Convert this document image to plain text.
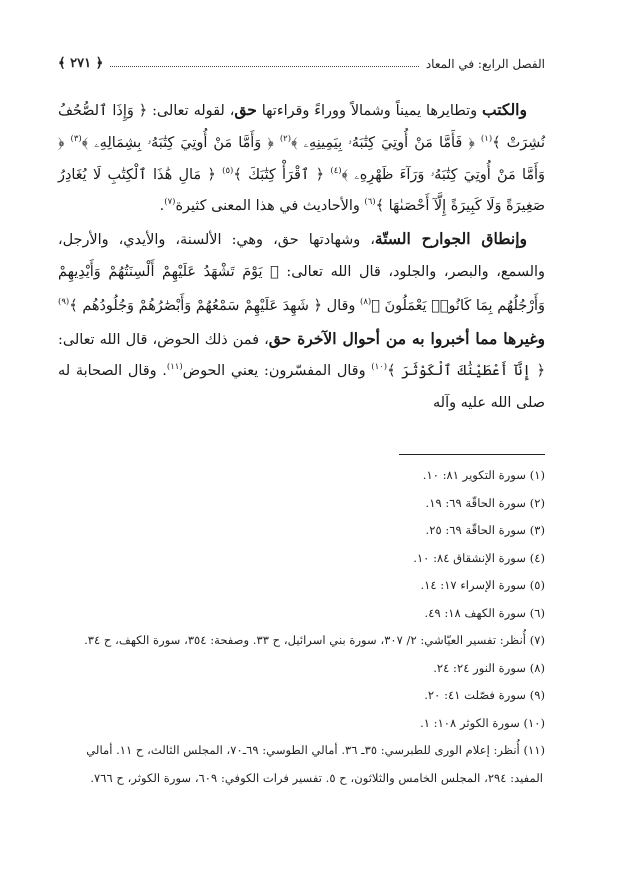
الفصل الرابع: في المعاد
﴿ ٢٧١ ﴾

والكتب وتطايرها يميناً وشمالاً ووراءً وقراءتها حق، لقوله تعالى: ﴿ وَإِذَا ٱلصُّحُفُ نُشِرَتْ ﴾$^{(١)}$ ﴿ فَأَمَّا مَنْ أُوتِيَ كِتَٰبَهُۥ بِيَمِينِهِۦ ﴾$^{(٢)}$ ﴿ وَأَمَّا مَنْ أُوتِيَ كِتَٰبَهُۥ بِشِمَالِهِۦ ﴾$^{(٣)}$ ﴿ وَأَمَّا مَنْ أُوتِيَ كِتَٰبَهُۥ وَرَآءَ ظَهْرِهِۦ ﴾$^{(٤)}$ ﴿ ٱقْرَأْ كِتَٰبَكَ ﴾$^{(٥)}$ ﴿ مَالِ هَٰذَا ٱلْكِتَٰبِ لَا يُغَادِرُ صَغِيرَةً وَلَا كَبِيرَةً إِلَّآ أَحْصَىٰهَا ﴾$^{(٦)}$ والأحاديث في هذا المعنى كثيرة$^{(٧)}$.

وإنطاق الجوارح الستّة، وشهادتها حق، وهي: الألسنة، والأيدي، والأرجل، والسمع، والبصر، والجلود، قال الله تعالى: ﴿ يَوْمَ تَشْهَدُ عَلَيْهِمْ أَلْسِنَتُهُمْ وَأَيْدِيهِمْ وَأَرْجُلُهُم بِمَا كَانُوا۟ يَعْمَلُونَ ﴾$^{(٨)}$ وقال ﴿ شَهِدَ عَلَيْهِمْ سَمْعُهُمْ وَأَبْصَٰرُهُمْ وَجُلُودُهُم ﴾$^{(٩)}$ وغيرها مما أخبروا به من أحوال الآخرة حق، فمن ذلك الحوض، قال الله تعالى: ﴿ إِنَّآ أَعْطَيْنَٰكَ ٱلْكَوْثَرَ ﴾$^{(١٠)}$ وقال المفسّرون: يعني الحوض$^{(١١)}$. وقال الصحابة له صلى الله عليه وآله

(١) سورة التكوير ٨١: ١٠.
(٢) سورة الحاقّة ٦٩: ١٩.
(٣) سورة الحاقّة ٦٩: ٢٥.
(٤) سورة الإنشقاق ٨٤: ١٠.
(٥) سورة الإسراء ١٧: ١٤.
(٦) سورة الكهف ١٨: ٤٩.
(٧) أُنظر: تفسير العيّاشي: ٢/ ٣٠٧، سورة بني اسرائيل، ح ٣٣. وصفحة: ٣٥٤، سورة الكهف، ح ٣٤.
(٨) سورة النور ٢٤: ٢٤.
(٩) سورة فصّلت ٤١: ٢٠.
(١٠) سورة الكوثر ١٠٨: ١.
(١١) أُنظر: إعلام الورى للطبرسي: ٣٥ـ ٣٦. أمالي الطوسي: ٦٩ـ٧٠، المجلس الثالث، ح ١١. أمالي
المفيد: ٢٩٤، المجلس الخامس والثلاثون، ح ٥. تفسير فرات الكوفي: ٦٠٩، سورة الكوثر، ح ٧٦٦.
